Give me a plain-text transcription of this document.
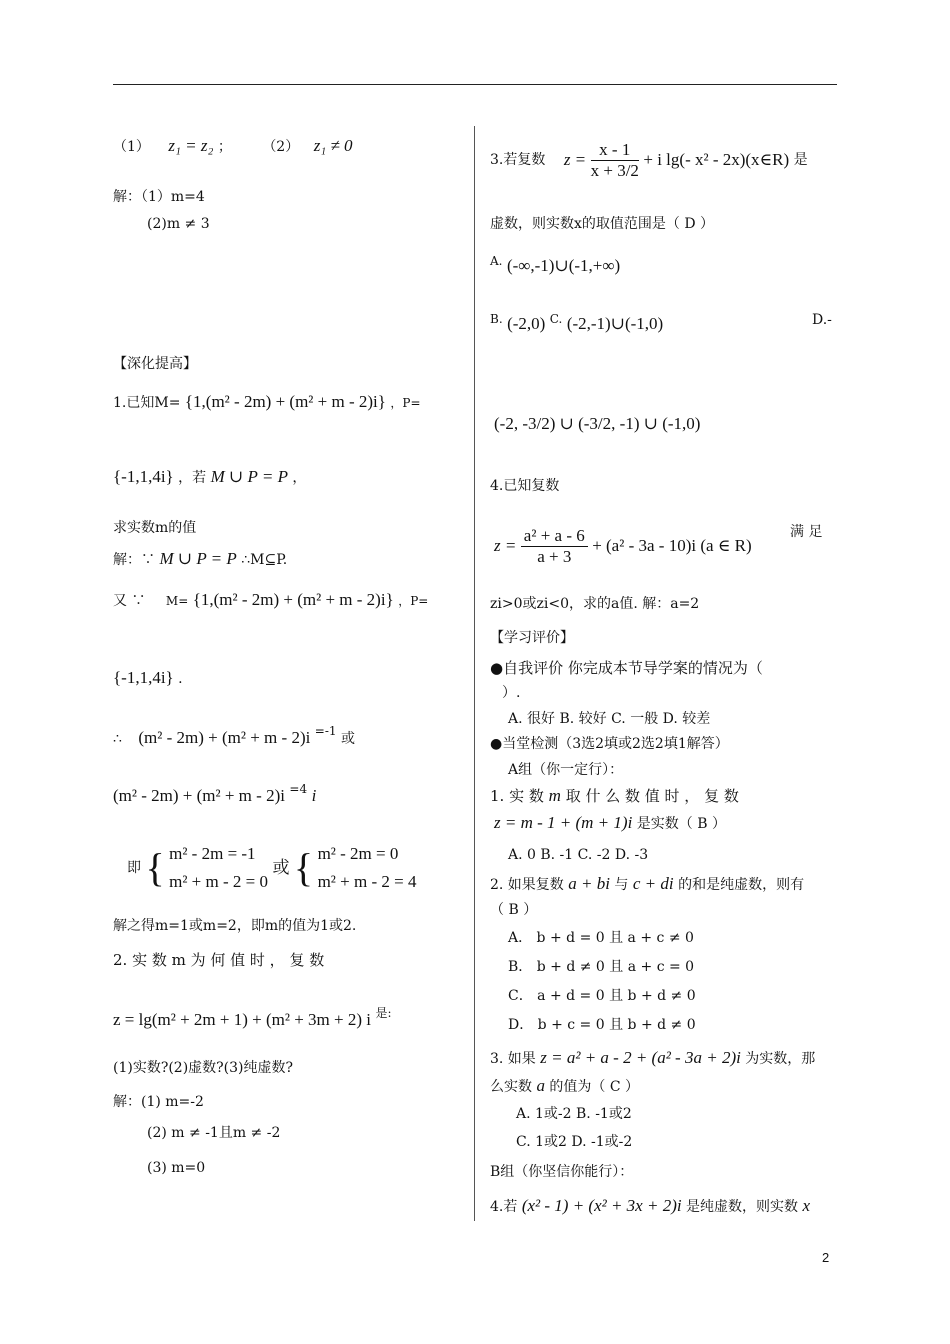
（1） z₁ = z₂ ； （2） z₁ ≠ 0
解：（1）m=4
(2)m ≠ 3
【深化提高】
1.已知M= {1,(m² - 2m) + (m² + m - 2)i} ，P=
{-1,1,4i} ，若 M ∪ P = P ，
求实数m的值
解：∵ M ∪ P = P ∴M⊆P.
又 ∵ M= {1,(m² - 2m) + (m² + m - 2)i} ，P=
{-1,1,4i} .
∴ (m² - 2m) + (m² + m - 2)i =-1 或
(m² - 2m) + (m² + m - 2)i =4 i
即 { m² - 2m = -1
m² + m - 2 = 0
或 { m² - 2m = 0
m² + m - 2 = 4
解之得m=1或m=2，即m的值为1或2.
2. 实 数 m 为 何 值 时 ， 复 数
z = lg(m² + 2m + 1) + (m² + 3m + 2) i 是:
(1)实数?(2)虚数?(3)纯虚数?
解：(1) m=-2
(2) m ≠ -1且m ≠ -2
(3) m=0
3.若复数 $z = \frac{x - 1}{x + 3/2} + i$ lg(- x² - 2x)(x∈R) 是
虚数，则实数x的取值范围是（ D ）
A. (-∞,-1)∪(-1,+∞)
B. (-2,0) C. (-2,-1)∪(-1,0)	D.-
(-2, -3/2) ∪ (-3/2, -1) ∪ (-1,0)
4.已知复数
$z = \frac{\text{a² + a - 6}}{a + 3} + (a^2 - 3a - 10)i$ (a ∈ R)
满 足
zi>0或zi<0，求的a值. 解：a=2
【学习评价】
●自我评价 你完成本节导学案的情况为（
）.
A. 很好 B. 较好 C. 一般 D. 较差
●当堂检测（3选2填或2选2填1解答）
A组（你一定行）：
1. 实 数 m 取 什 么 数 值 时 ， 复 数
z = m - 1 + (m + 1)i 是实数（ B ）
A. 0 B. -1 C. -2 D. -3
2. 如果复数 a + bi 与 c + di 的和是纯虚数，则有
（ B ）
A． b + d = 0 且 a + c ≠ 0
B． b + d ≠ 0 且 a + c = 0
C． a + d = 0 且 b + d ≠ 0
D． b + c = 0 且 b + d ≠ 0
3. 如果 z = a² + a - 2 + (a² - 3a + 2)i 为实数，那
么实数 a 的值为（ C ）
A. 1或-2 B. -1或2
C. 1或2 D. -1或-2
B组（你坚信你能行）：
4.若 (x² - 1) + (x² + 3x + 2)i 是纯虚数，则实数 x
2
